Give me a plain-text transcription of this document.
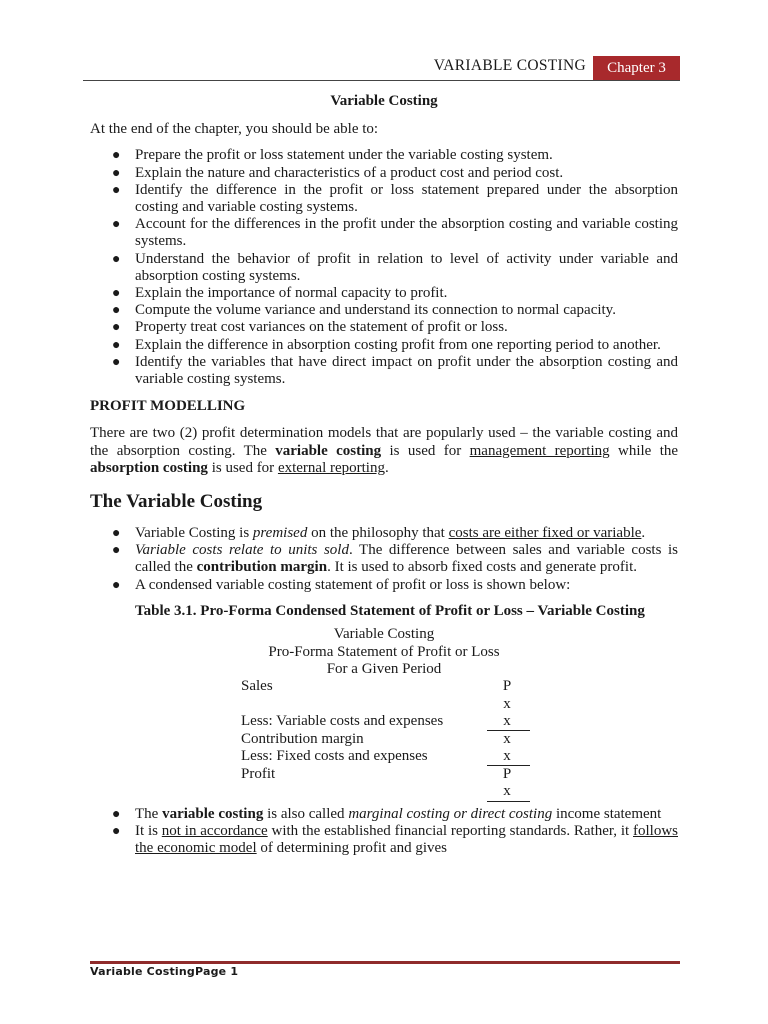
VARIABLE COSTING	Chapter 3
Variable Costing

At the end of the chapter, you should be able to:

● Prepare the profit or loss statement under the variable costing system.
● Explain the nature and characteristics of a product cost and period cost.
● Identify the difference in the profit or loss statement prepared under the absorption costing and variable costing systems.
● Account for the differences in the profit under the absorption costing and variable costing systems.
● Understand the behavior of profit in relation to level of activity under variable and absorption costing systems.
● Explain the importance of normal capacity to profit.
● Compute the volume variance and understand its connection to normal capacity.
● Property treat cost variances on the statement of profit or loss.
● Explain the difference in absorption costing profit from one reporting period to another.
● Identify the variables that have direct impact on profit under the absorption costing and variable costing systems.
PROFIT MODELLING

There are two (2) profit determination models that are popularly used – the variable costing and the absorption costing. The variable costing is used for management reporting while the absorption costing is used for external reporting.

The Variable Costing
● Variable Costing is premised on the philosophy that costs are either fixed or variable.
● Variable costs relate to units sold. The difference between sales and variable costs is called the contribution margin. It is used to absorb fixed costs and generate profit.
● A condensed variable costing statement of profit or loss is shown below:

Table 3.1. Pro-Forma Condensed Statement of Profit or Loss – Variable Costing

Variable Costing
Pro-Forma Statement of Profit or Loss
For a Given Period
Sales	P
x
Less: Variable costs and expenses	x
Contribution margin	x
Less: Fixed costs and expenses	x
Profit	P
x
● The variable costing is also called marginal costing or direct costing income statement
● It is not in accordance with the established financial reporting standards. Rather, it follows the economic model of determining profit and gives
Variable CostingPage 1
